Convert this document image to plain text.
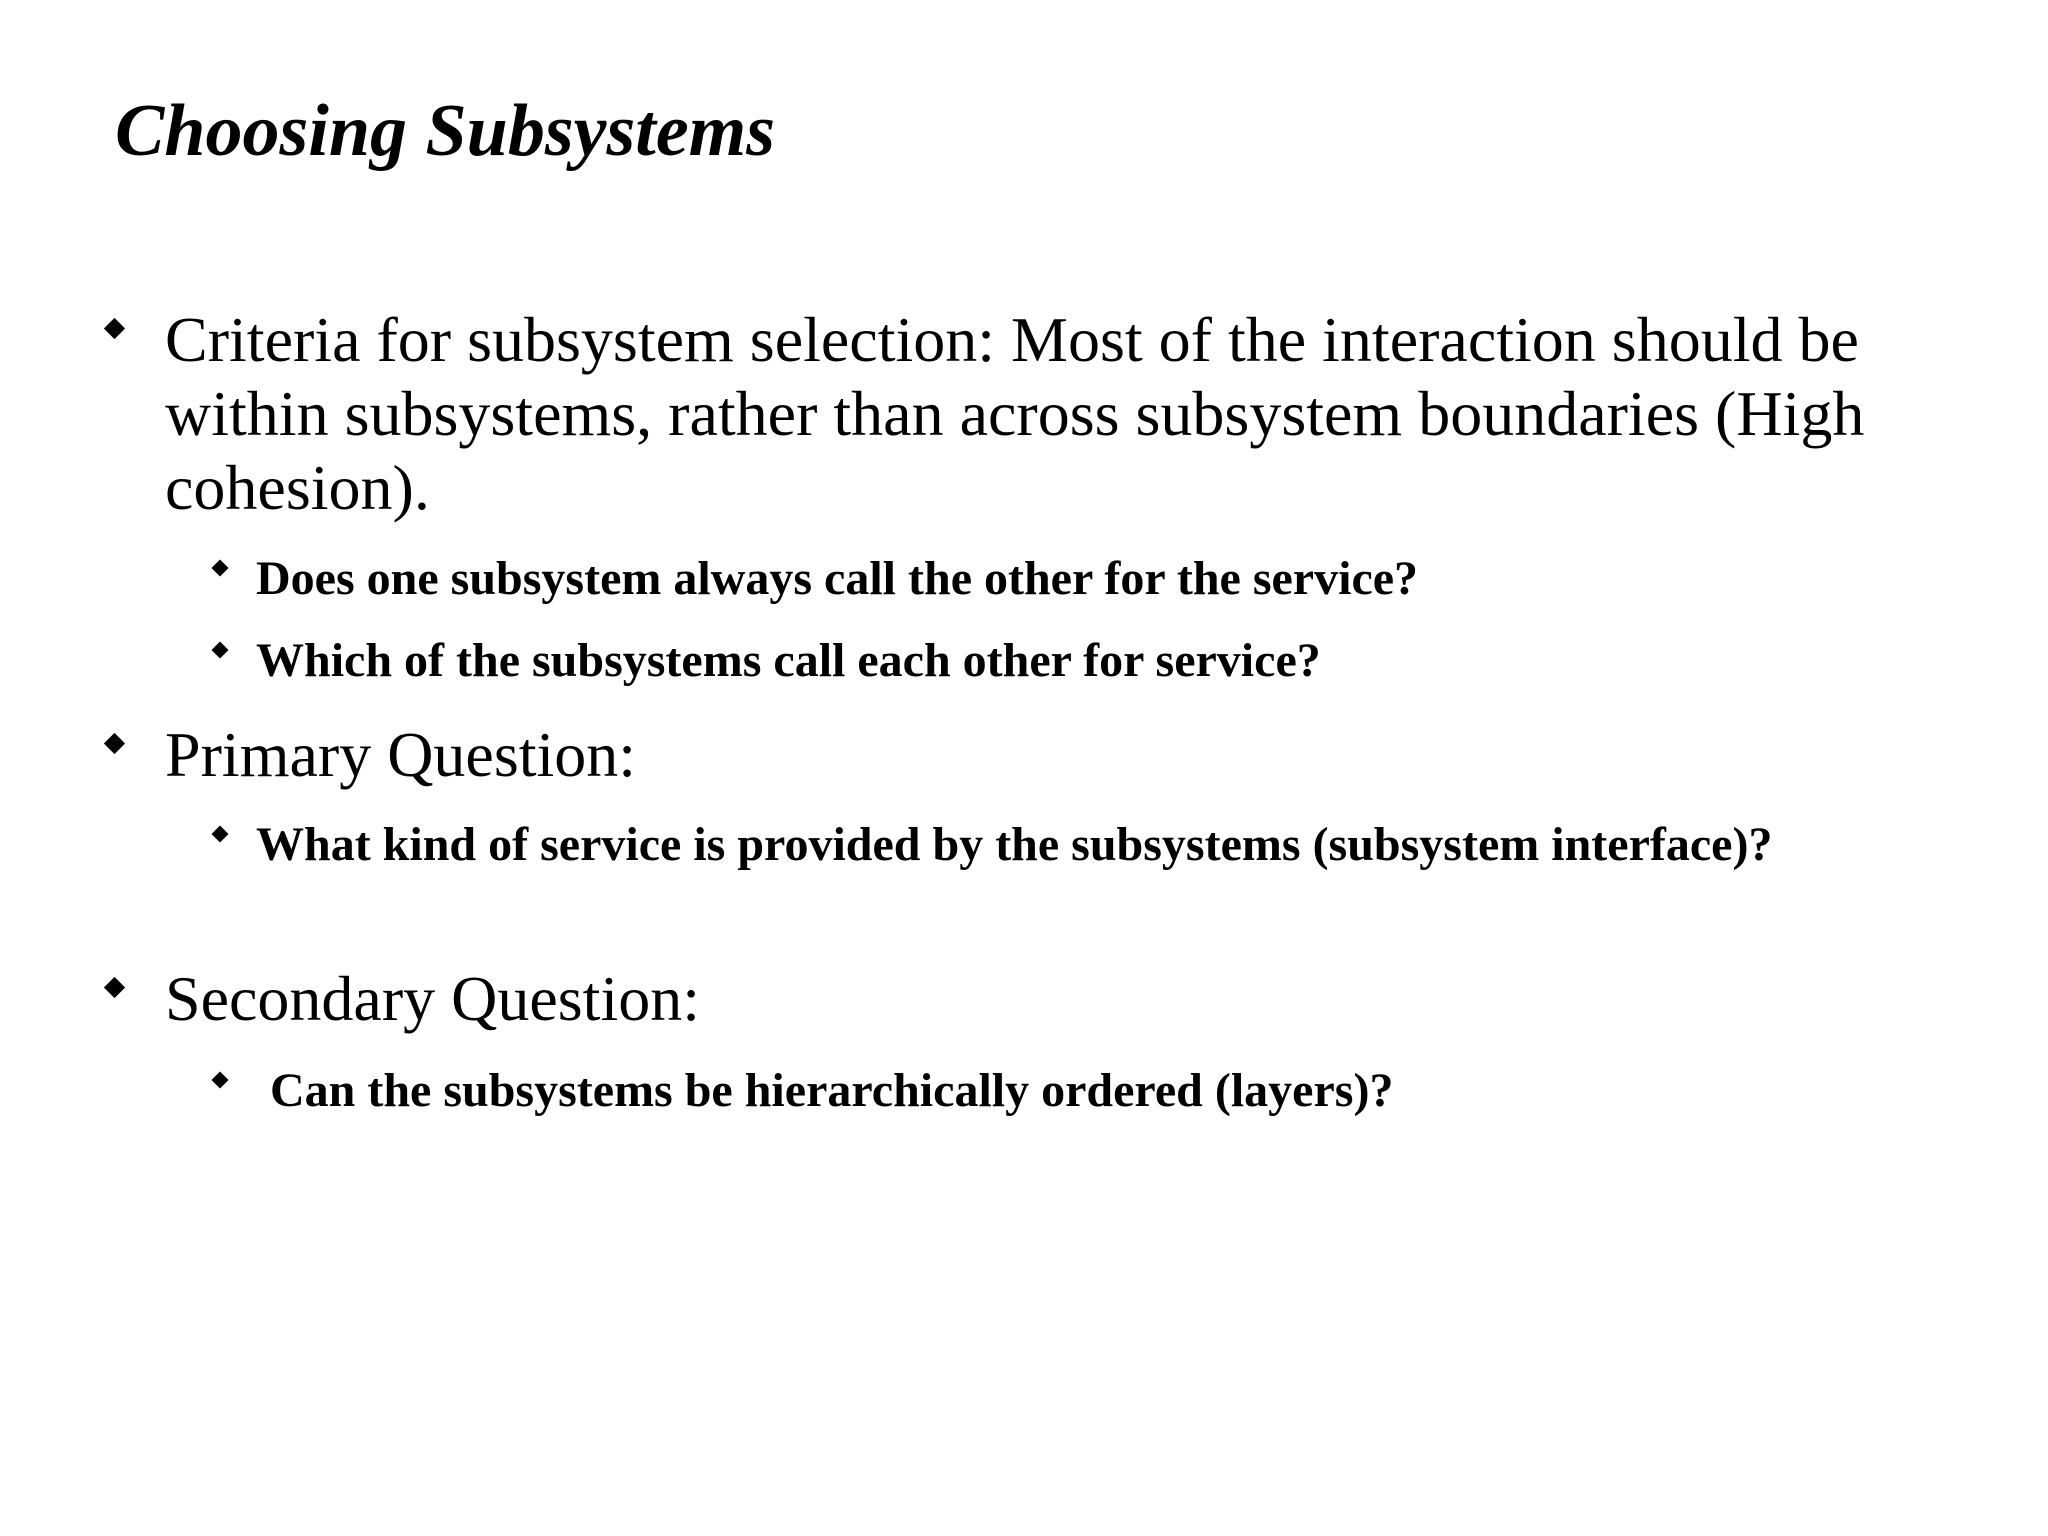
Choosing Subsystems
Criteria for subsystem selection: Most of the interaction should be within subsystems, rather than across subsystem boundaries (High cohesion).
Does one subsystem always call the other for the service?
Which of the subsystems call each other for service?
Primary Question:
What kind of service is provided by the subsystems (subsystem interface)?
Secondary Question:
Can the subsystems be hierarchically ordered (layers)?
